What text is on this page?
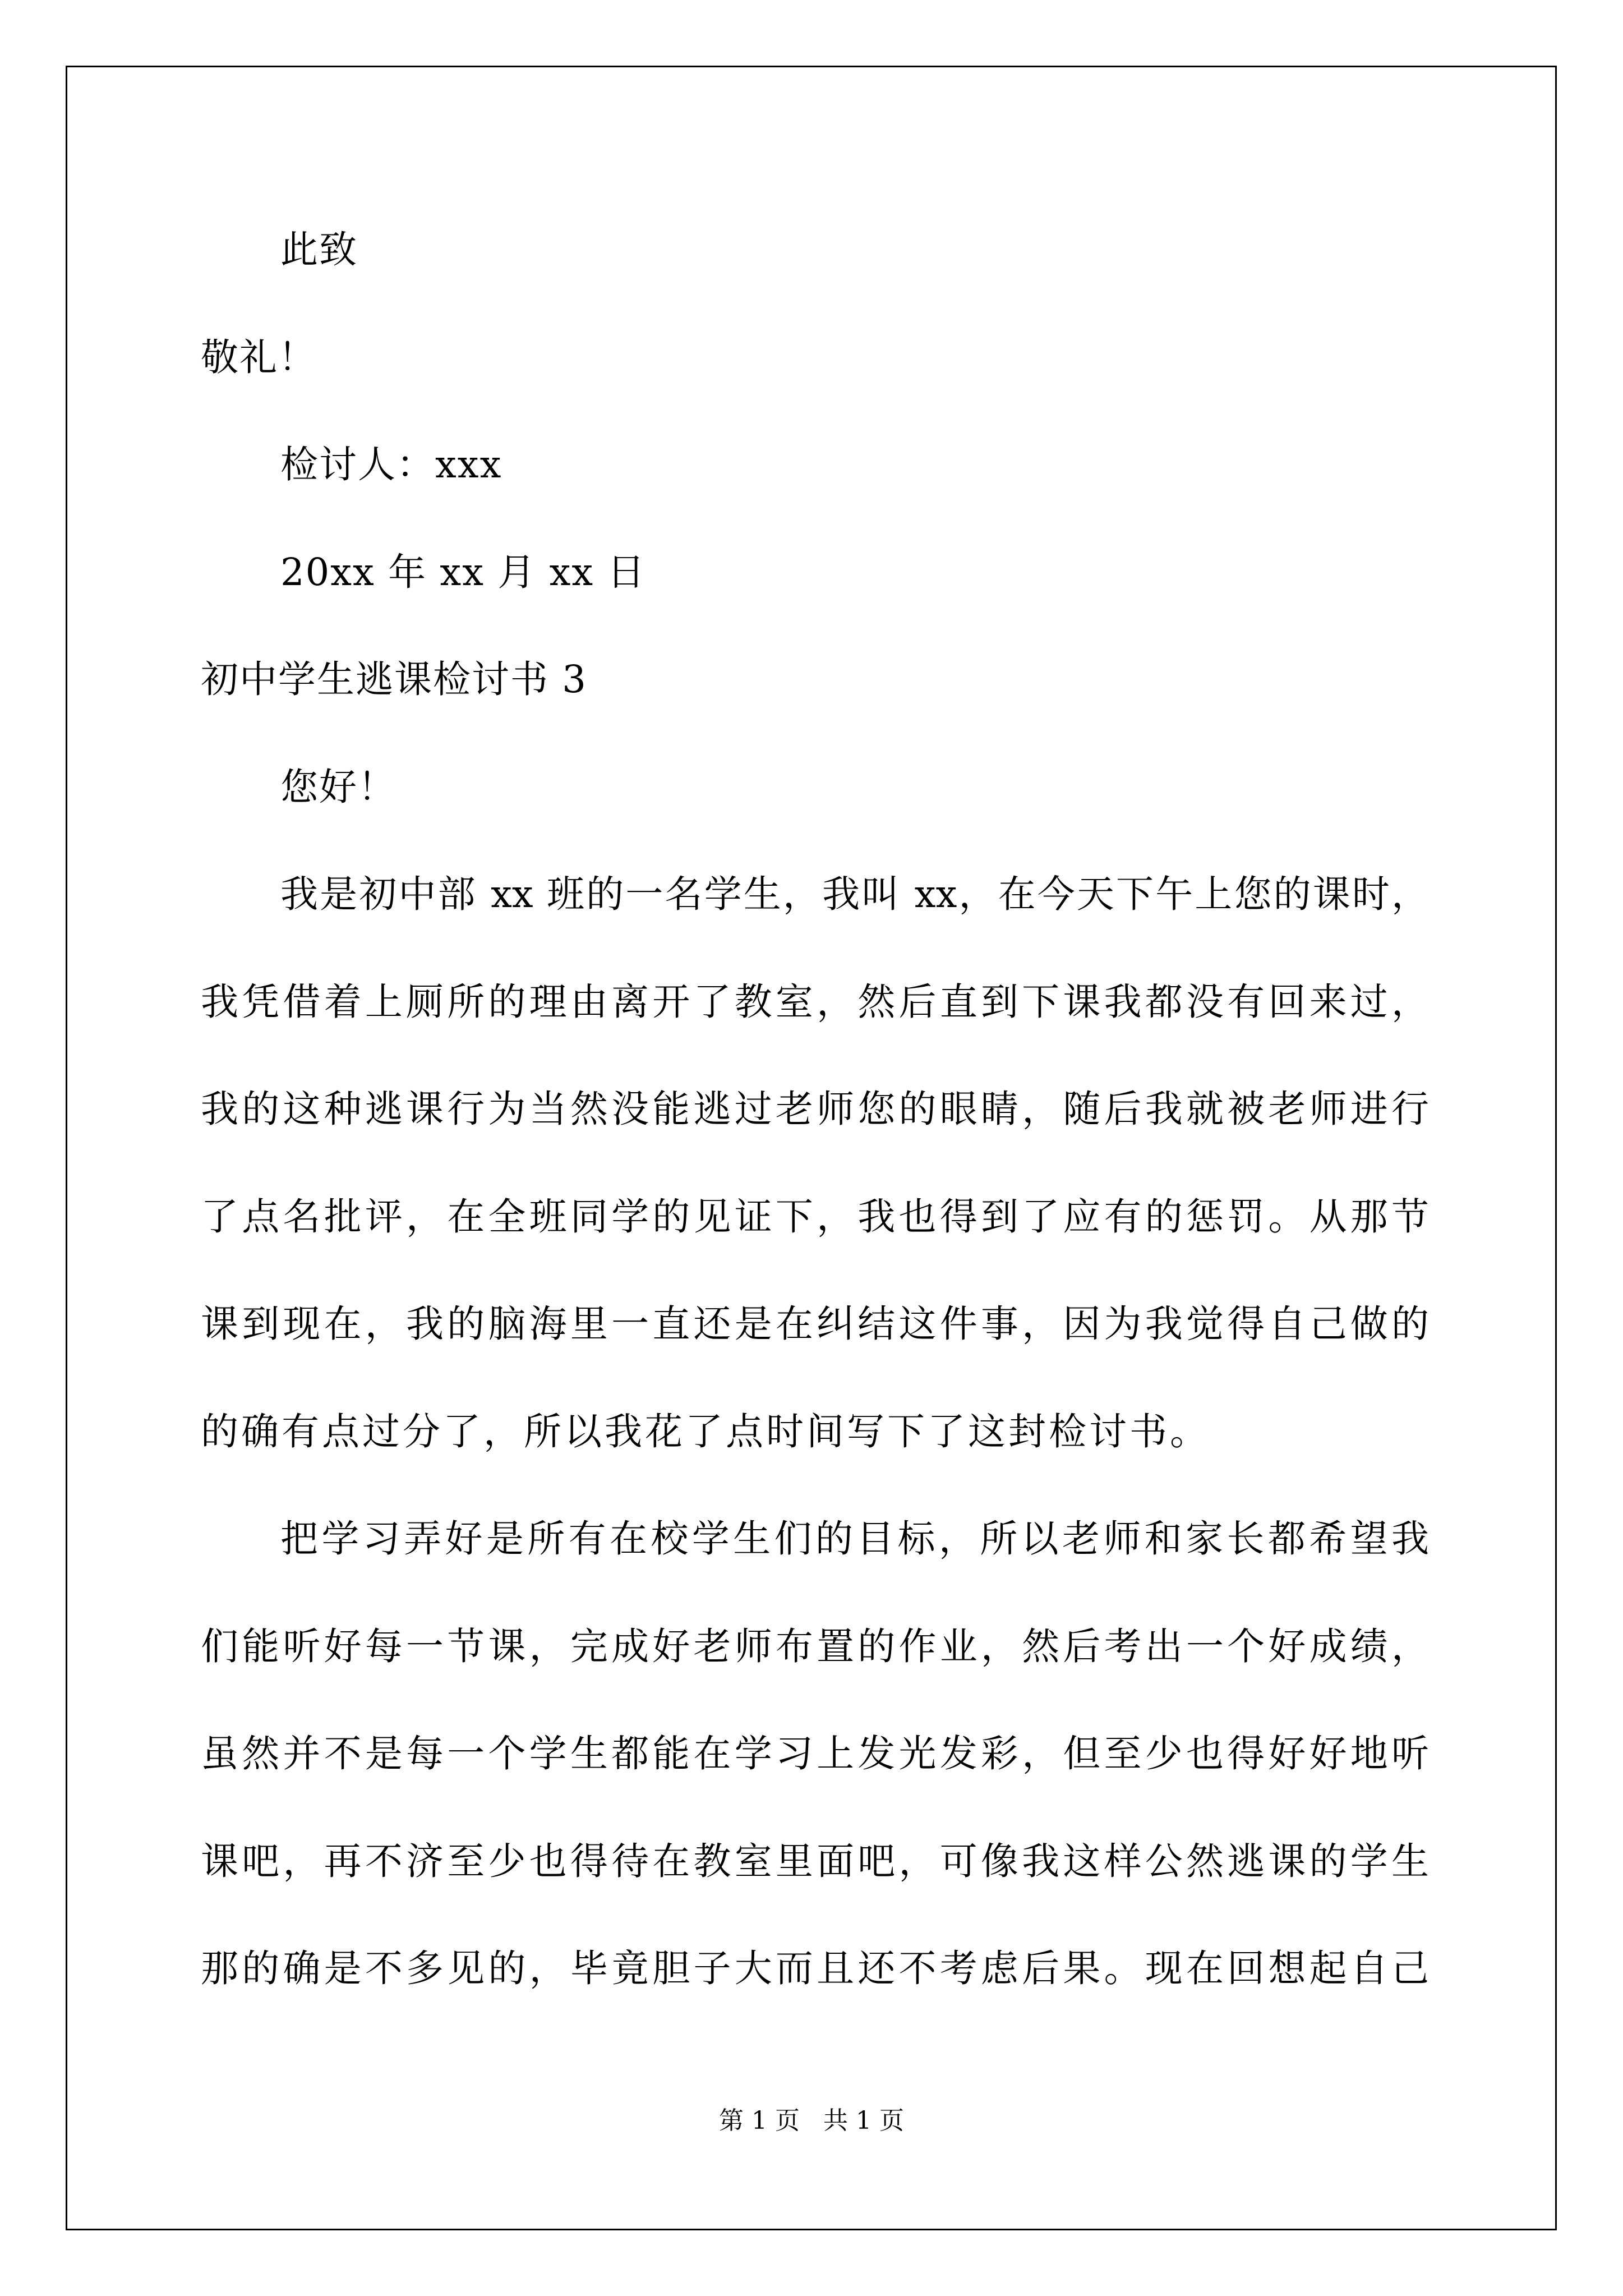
此致
敬礼！
检讨人：xxx
20xx 年 xx 月 xx 日
初中学生逃课检讨书 3
您好！
我是初中部 xx 班的一名学生，我叫 xx，在今天下午上您的课时，
我凭借着上厕所的理由离开了教室，然后直到下课我都没有回来过，
我的这种逃课行为当然没能逃过老师您的眼睛，随后我就被老师进行
了点名批评，在全班同学的见证下，我也得到了应有的惩罚。从那节
课到现在，我的脑海里一直还是在纠结这件事，因为我觉得自己做的
的确有点过分了，所以我花了点时间写下了这封检讨书。
把学习弄好是所有在校学生们的目标，所以老师和家长都希望我
们能听好每一节课，完成好老师布置的作业，然后考出一个好成绩，
虽然并不是每一个学生都能在学习上发光发彩，但至少也得好好地听
课吧，再不济至少也得待在教室里面吧，可像我这样公然逃课的学生
那的确是不多见的，毕竟胆子大而且还不考虑后果。现在回想起自己
第 1 页   共 1 页
